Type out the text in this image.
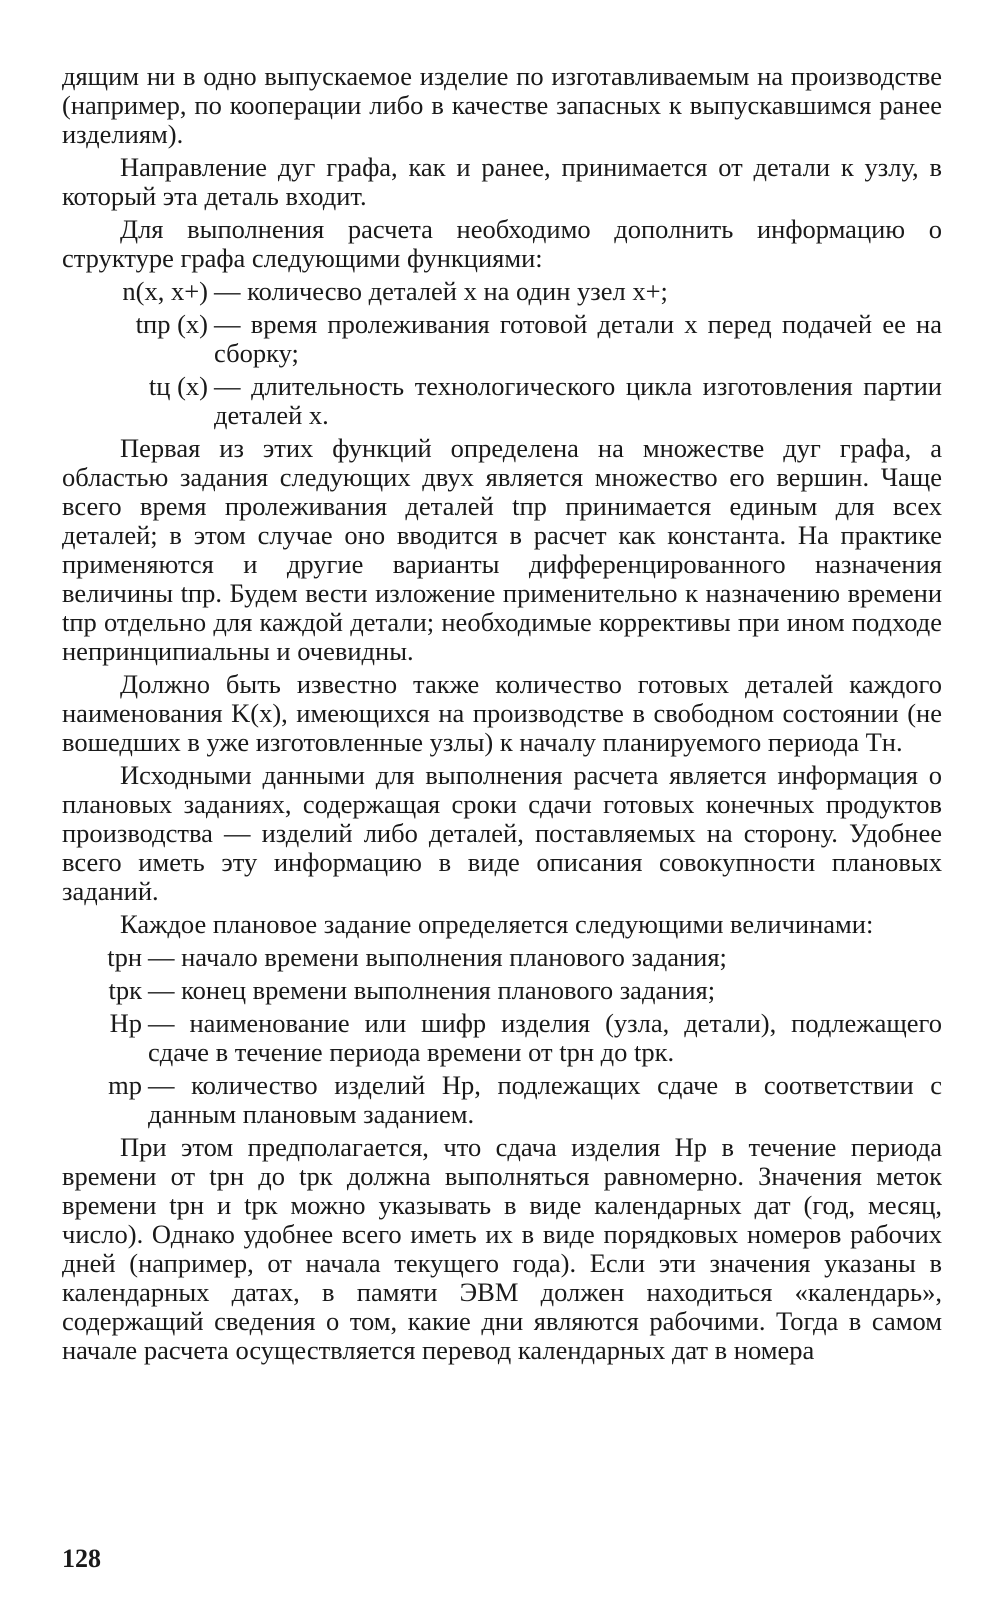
дящим ни в одно выпускаемое изделие по изготавливаемым на производстве (например, по кооперации либо в качестве запасных к выпускавшимся ранее изделиям).

Направление дуг графа, как и ранее, принимается от детали к узлу, в который эта деталь входит.

Для выполнения расчета необходимо дополнить информацию о структуре графа следующими функциями:

n(x, x+) — количесво деталей x на один узел x+;
tпр (x) — время пролеживания готовой детали x перед подачей ее на сборку;
tц (x) — длительность технологического цикла изготовления партии деталей x.

Первая из этих функций определена на множестве дуг графа, а областью задания следующих двух является множество его вершин. Чаще всего время пролеживания деталей tпр принимается единым для всех деталей; в этом случае оно вводится в расчет как константа. На практике применяются и другие варианты дифференцированного назначения величины tпр. Будем вести изложение применительно к назначению времени tпр отдельно для каждой детали; необходимые коррективы при ином подходе непринципиальны и очевидны.

Должно быть известно также количество готовых деталей каждого наименования K(x), имеющихся на производстве в свободном состоянии (не вошедших в уже изготовленные узлы) к началу планируемого периода Tн.

Исходными данными для выполнения расчета является информация о плановых заданиях, содержащая сроки сдачи готовых конечных продуктов производства — изделий либо деталей, поставляемых на сторону. Удобнее всего иметь эту информацию в виде описания совокупности плановых заданий.

Каждое плановое задание определяется следующими величинами:

tрн — начало времени выполнения планового задания;
tрк — конец времени выполнения планового задания;
Hp — наименование или шифр изделия (узла, детали), подлежащего сдаче в течение периода времени от tрн до tрк.
mp — количество изделий Hp, подлежащих сдаче в соответствии с данным плановым заданием.

При этом предполагается, что сдача изделия Hp в течение периода времени от tрн до tрк должна выполняться равномерно. Значения меток времени tрн и tрк можно указывать в виде календарных дат (год, месяц, число). Однако удобнее всего иметь их в виде порядковых номеров рабочих дней (например, от начала текущего года). Если эти значения указаны в календарных датах, в памяти ЭВМ должен находиться «календарь», содержащий сведения о том, какие дни являются рабочими. Тогда в самом начале расчета осуществляется перевод календарных дат в номера

128
